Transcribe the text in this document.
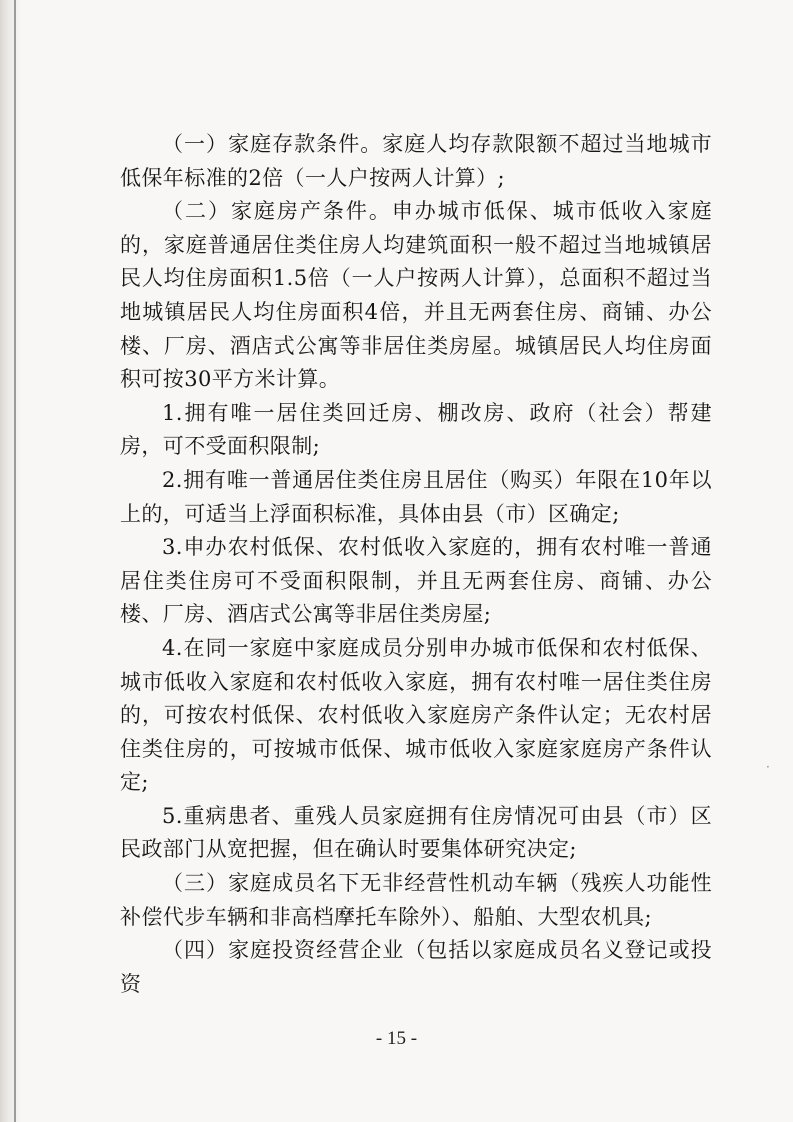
（一）家庭存款条件。家庭人均存款限额不超过当地城市低保年标准的2倍（一人户按两人计算）;

（二）家庭房产条件。申办城市低保、城市低收入家庭的，家庭普通居住类住房人均建筑面积一般不超过当地城镇居民人均住房面积1.5倍（一人户按两人计算），总面积不超过当地城镇居民人均住房面积4倍，并且无两套住房、商铺、办公楼、厂房、酒店式公寓等非居住类房屋。城镇居民人均住房面积可按30平方米计算。

1.拥有唯一居住类回迁房、棚改房、政府（社会）帮建房，可不受面积限制;

2.拥有唯一普通居住类住房且居住（购买）年限在10年以上的，可适当上浮面积标准，具体由县（市）区确定;

3.申办农村低保、农村低收入家庭的，拥有农村唯一普通居住类住房可不受面积限制，并且无两套住房、商铺、办公楼、厂房、酒店式公寓等非居住类房屋;

4.在同一家庭中家庭成员分别申办城市低保和农村低保、城市低收入家庭和农村低收入家庭，拥有农村唯一居住类住房的，可按农村低保、农村低收入家庭房产条件认定；无农村居住类住房的，可按城市低保、城市低收入家庭家庭房产条件认定;

5.重病患者、重残人员家庭拥有住房情况可由县（市）区民政部门从宽把握，但在确认时要集体研究决定;

（三）家庭成员名下无非经营性机动车辆（残疾人功能性补偿代步车辆和非高档摩托车除外）、船舶、大型农机具;

（四）家庭投资经营企业（包括以家庭成员名义登记或投资

- 15 -
·
